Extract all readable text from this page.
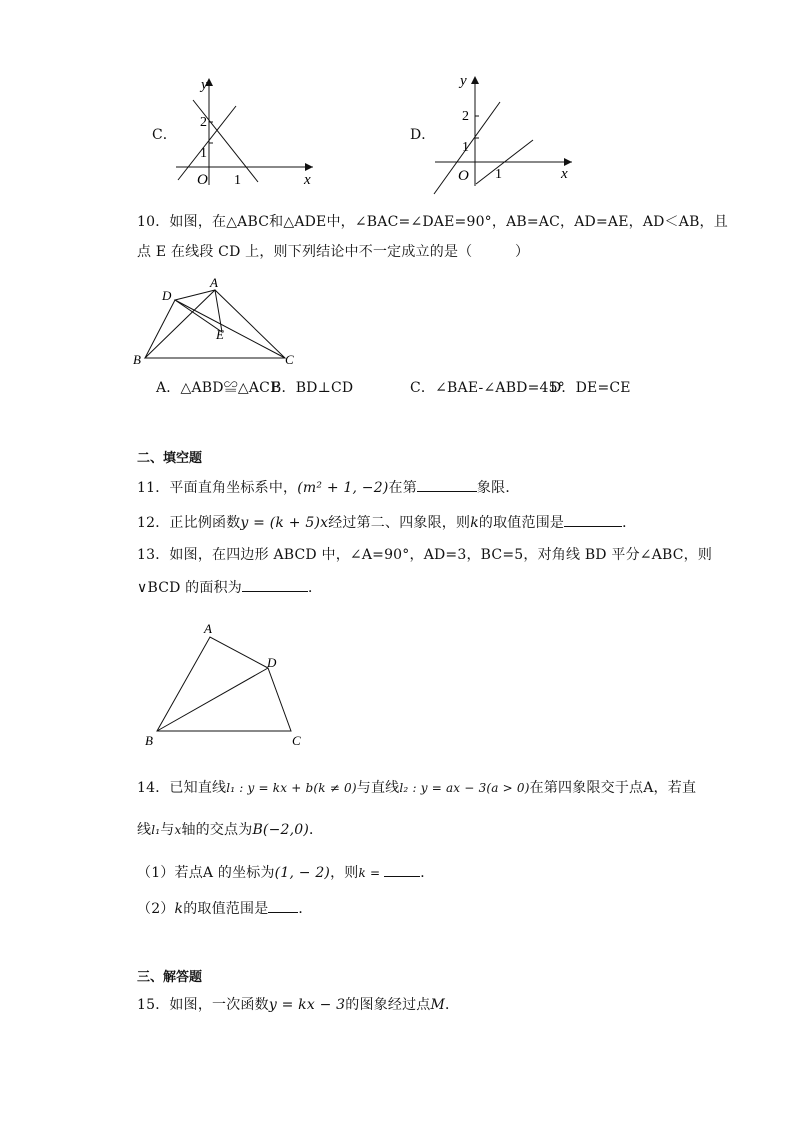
C．
y
x
O 1
2
1
D．
y
x
O 1
2
1
10．如图，在△ABC和△ADE中，∠BAC=∠DAE=90°，AB=AC，AD=AE，AD＜AB，且
点 E 在线段 CD 上，则下列结论中不一定成立的是（　　　）
A
B	C
D
E
A．△ABD≌△ACE
B．BD⊥CD	C．∠BAE-∠ABD=45°
D．DE=CE
二、填空题
11．平面直角坐标系中，(m² + 1, −2)在第	象限．
12．正比例函数y = (k + 5)x经过第二、四象限，则k的取值范围是	．
13．如图，在四边形 ABCD 中，∠A=90°，AD=3，BC=5，对角线 BD 平分∠ABC，则
∨BCD 的面积为	．
A
B	C
D
14．已知直线l₁ : y = kx + b(k ≠ 0)与直线l₂ : y = ax − 3(a > 0)在第四象限交于点A，若直
线l₁与x轴的交点为B(−2,0)．
（1）若点A 的坐标为(1, − 2)，则k =	．
（2）k的取值范围是 ．
三、解答题
15．如图，一次函数y = kx − 3的图象经过点M．
